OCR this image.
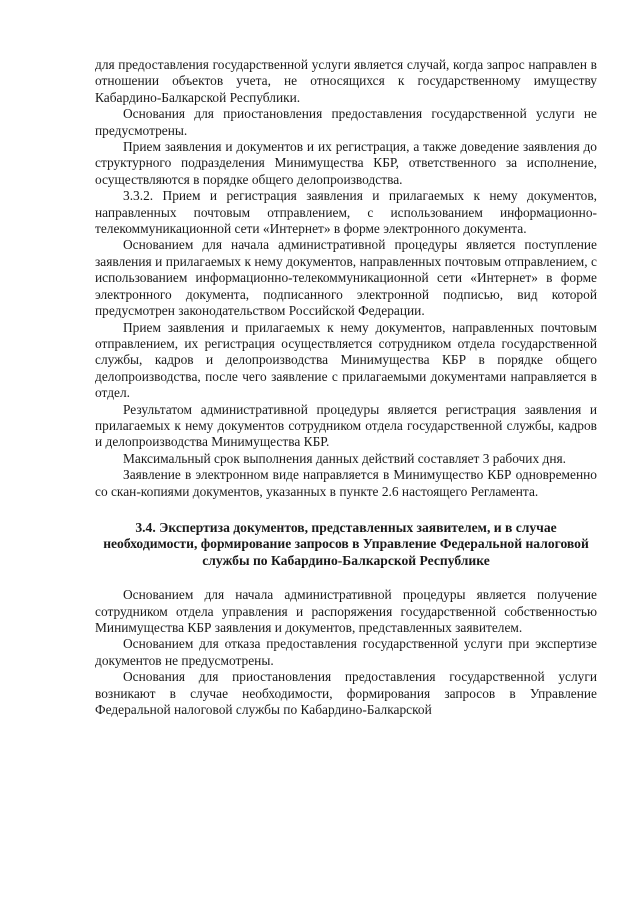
для предоставления государственной услуги является случай, когда запрос направлен в отношении объектов учета, не относящихся к государственному имуществу Кабардино-Балкарской Республики.

Основания для приостановления предоставления государственной услуги не предусмотрены.

Прием заявления и документов и их регистрация, а также доведение заявления до структурного подразделения Минимущества КБР, ответственного за исполнение, осуществляются в порядке общего делопроизводства.

3.3.2. Прием и регистрация заявления и прилагаемых к нему документов, направленных почтовым отправлением, с использованием информационно-телекоммуникационной сети «Интернет» в форме электронного документа.

Основанием для начала административной процедуры является поступление заявления и прилагаемых к нему документов, направленных почтовым отправлением, с использованием информационно-телекоммуникационной сети «Интернет» в форме электронного документа, подписанного электронной подписью, вид которой предусмотрен законодательством Российской Федерации.

Прием заявления и прилагаемых к нему документов, направленных почтовым отправлением, их регистрация осуществляется сотрудником отдела государственной службы, кадров и делопроизводства Минимущества КБР в порядке общего делопроизводства, после чего заявление с прилагаемыми документами направляется в отдел.

Результатом административной процедуры является регистрация заявления и прилагаемых к нему документов сотрудником отдела государственной службы, кадров и делопроизводства Минимущества КБР.

Максимальный срок выполнения данных действий составляет 3 рабочих дня.

Заявление в электронном виде направляется в Минимущество КБР одновременно со скан-копиями документов, указанных в пункте 2.6 настоящего Регламента.

3.4. Экспертиза документов, представленных заявителем, и в случае необходимости, формирование запросов в Управление Федеральной налоговой службы по Кабардино-Балкарской Республике

Основанием для начала административной процедуры является получение сотрудником отдела управления и распоряжения государственной собственностью Минимущества КБР заявления и документов, представленных заявителем.

Основанием для отказа предоставления государственной услуги при экспертизе документов не предусмотрены.

Основания для приостановления предоставления государственной услуги возникают в случае необходимости, формирования запросов в Управление Федеральной налоговой службы по Кабардино-Балкарской
